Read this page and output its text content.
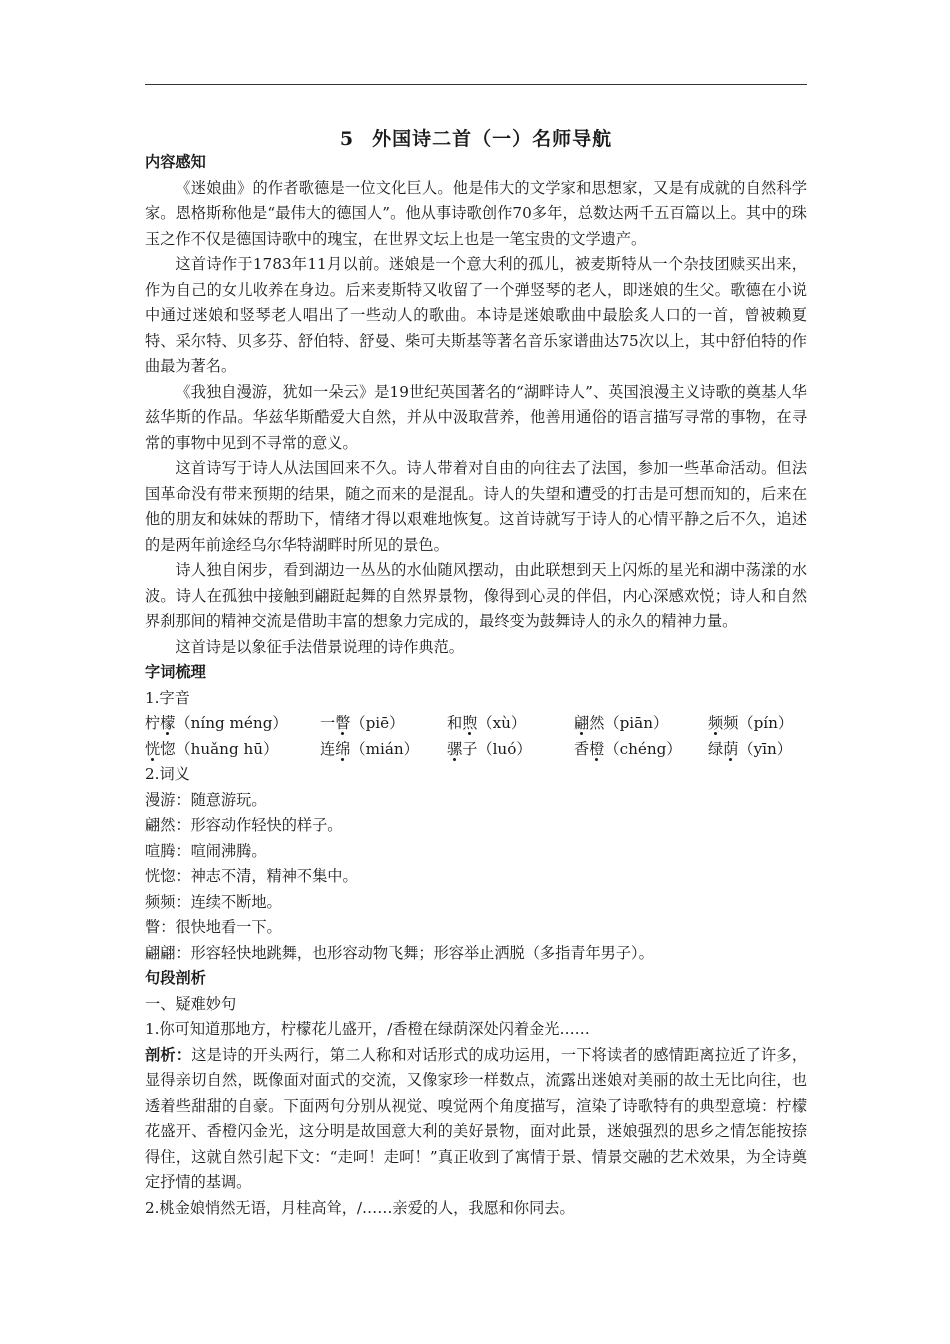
5 外国诗二首（一）名师导航
内容感知
《迷娘曲》的作者歌德是一位文化巨人。他是伟大的文学家和思想家，又是有成就的自然科学家。恩格斯称他是“最伟大的德国人”。他从事诗歌创作70多年，总数达两千五百篇以上。其中的珠玉之作不仅是德国诗歌中的瑰宝，在世界文坛上也是一笔宝贵的文学遗产。
这首诗作于1783年11月以前。迷娘是一个意大利的孤儿，被麦斯特从一个杂技团赎买出来，作为自己的女儿收养在身边。后来麦斯特又收留了一个弹竖琴的老人，即迷娘的生父。歌德在小说中通过迷娘和竖琴老人唱出了一些动人的歌曲。本诗是迷娘歌曲中最脍炙人口的一首，曾被赖夏特、采尔特、贝多芬、舒伯特、舒曼、柴可夫斯基等著名音乐家谱曲达75次以上，其中舒伯特的作曲最为著名。
《我独自漫游，犹如一朵云》是19世纪英国著名的“湖畔诗人”、英国浪漫主义诗歌的奠基人华兹华斯的作品。华兹华斯酷爱大自然，并从中汲取营养，他善用通俗的语言描写寻常的事物，在寻常的事物中见到不寻常的意义。
这首诗写于诗人从法国回来不久。诗人带着对自由的向往去了法国，参加一些革命活动。但法国革命没有带来预期的结果，随之而来的是混乱。诗人的失望和遭受的打击是可想而知的，后来在他的朋友和妹妹的帮助下，情绪才得以艰难地恢复。这首诗就写于诗人的心情平静之后不久，追述的是两年前途经乌尔华特湖畔时所见的景色。
诗人独自闲步，看到湖边一丛丛的水仙随风摆动，由此联想到天上闪烁的星光和湖中荡漾的水波。诗人在孤独中接触到翩跹起舞的自然界景物，像得到心灵的伴侣，内心深感欢悦；诗人和自然界刹那间的精神交流是借助丰富的想象力完成的，最终变为鼓舞诗人的永久的精神力量。
这首诗是以象征手法借景说理的诗作典范。
字词梳理
1.字音
柠檬（níng méng）	一瞥（piē）	和煦（xù）	翩然（piān）	频频（pín）
恍惚（huǎng hū）	连绵（mián）	骡子（luó）	香橙（chéng）	绿荫（yīn）
2.词义
漫游：随意游玩。
翩然：形容动作轻快的样子。
喧腾：喧闹沸腾。
恍惚：神志不清，精神不集中。
频频：连续不断地。
瞥：很快地看一下。
翩翩：形容轻快地跳舞，也形容动物飞舞；形容举止洒脱（多指青年男子）。
句段剖析
一、疑难妙句
1.你可知道那地方，柠檬花儿盛开，/香橙在绿荫深处闪着金光……
剖析：这是诗的开头两行，第二人称和对话形式的成功运用，一下将读者的感情距离拉近了许多，显得亲切自然，既像面对面式的交流，又像家珍一样数点，流露出迷娘对美丽的故土无比向往，也透着些甜甜的自豪。下面两句分别从视觉、嗅觉两个角度描写，渲染了诗歌特有的典型意境：柠檬花盛开、香橙闪金光，这分明是故国意大利的美好景物，面对此景，迷娘强烈的思乡之情怎能按捺得住，这就自然引起下文：“走呵！走呵！”真正收到了寓情于景、情景交融的艺术效果，为全诗奠定抒情的基调。
2.桃金娘悄然无语，月桂高耸，/……亲爱的人，我愿和你同去。
